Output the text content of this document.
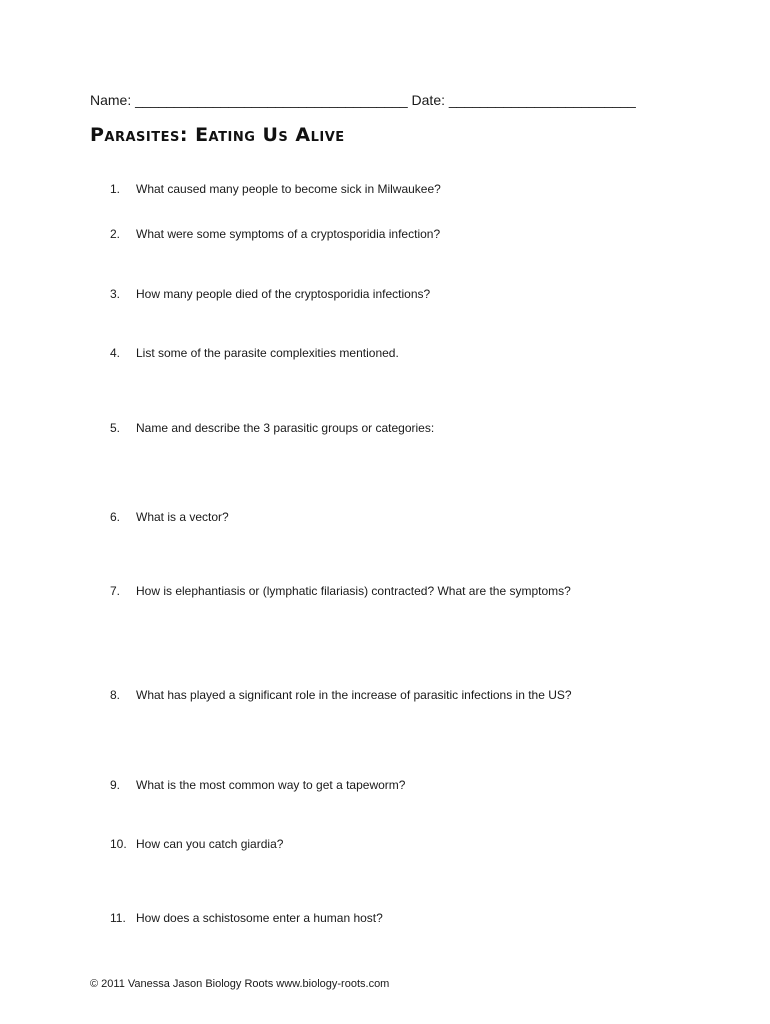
Name: ___________________________________ Date: ________________________
Parasites: Eating Us Alive
1. What caused many people to become sick in Milwaukee?
2. What were some symptoms of a cryptosporidia infection?
3. How many people died of the cryptosporidia infections?
4. List some of the parasite complexities mentioned.
5. Name and describe the 3 parasitic groups or categories:
6. What is a vector?
7. How is elephantiasis or (lymphatic filariasis) contracted? What are the symptoms?
8. What has played a significant role in the increase of parasitic infections in the US?
9. What is the most common way to get a tapeworm?
10. How can you catch giardia?
11. How does a schistosome enter a human host?
© 2011 Vanessa Jason Biology Roots www.biology-roots.com
